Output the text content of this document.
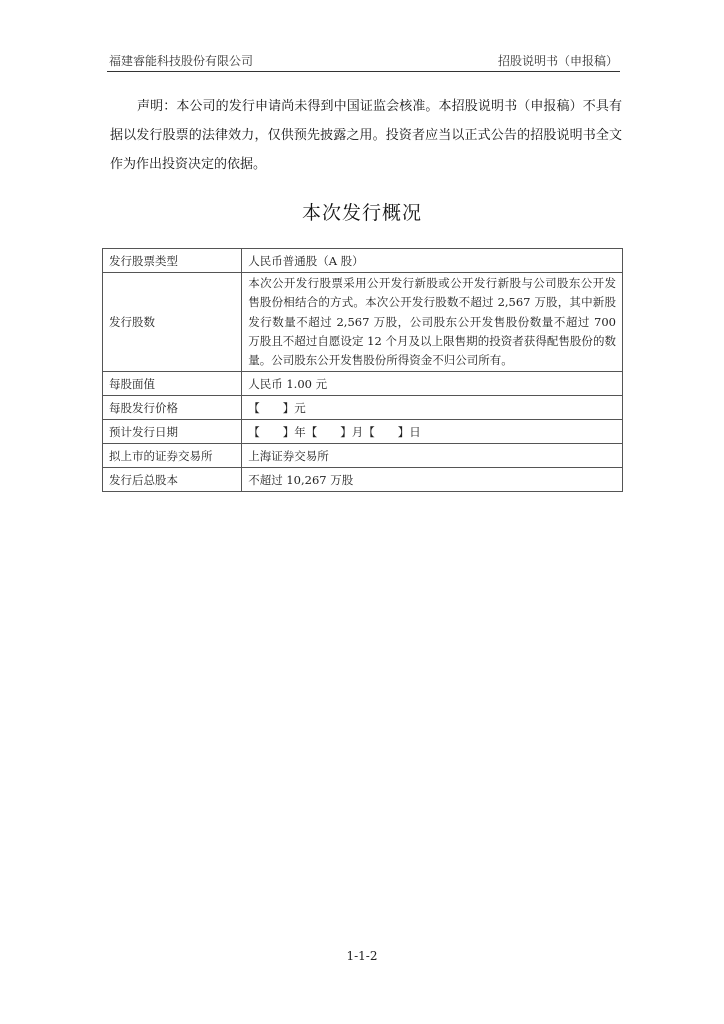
福建睿能科技股份有限公司	招股说明书（申报稿）
声明：本公司的发行申请尚未得到中国证监会核准。本招股说明书（申报稿）不具有据以发行股票的法律效力，仅供预先披露之用。投资者应当以正式公告的招股说明书全文作为作出投资决定的依据。
本次发行概况
发行股票类型	人民币普通股（A 股）
发行股数	本次公开发行股票采用公开发行新股或公开发行新股与公司股东公开发售股份相结合的方式。本次公开发行股数不超过 2,567 万股，其中新股发行数量不超过 2,567 万股，公司股东公开发售股份数量不超过 700 万股且不超过自愿设定 12 个月及以上限售期的投资者获得配售股份的数量。公司股东公开发售股份所得资金不归公司所有。
每股面值	人民币 1.00 元
每股发行价格	【　　】元
预计发行日期	【　　】年【　　】月【　　】日
拟上市的证券交易所	上海证券交易所
发行后总股本	不超过 10,267 万股
1-1-2
